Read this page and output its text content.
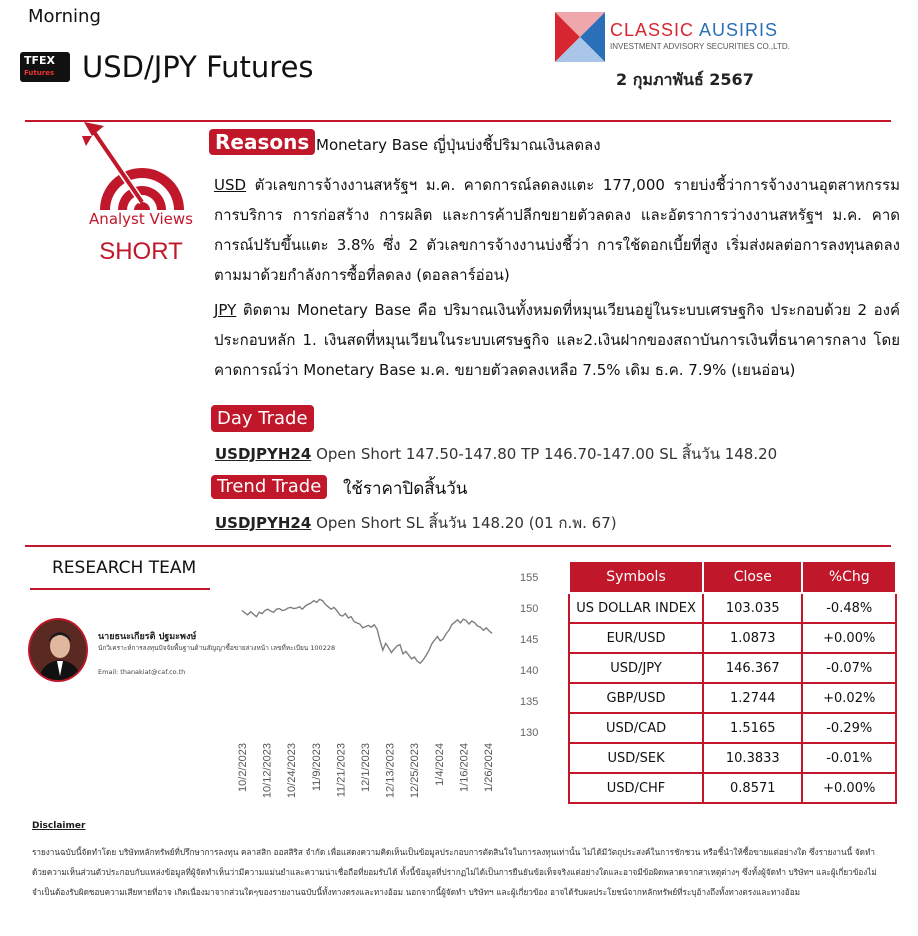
Morning
TFEX
Futures USD/JPY Futures
CLASSIC AUSIRIS
INVESTMENT ADVISORY SECURITIES CO.,LTD.
2 กุมภาพันธ์ 2567
Analyst Views
SHORT
Reasons Monetary Base ญี่ปุ่นบ่งชี้ปริมาณเงินลดลง
USD ตัวเลขการจ้างงานสหรัฐฯ ม.ค. คาดการณ์ลดลงแตะ 177,000 รายบ่งชี้ว่าการจ้างงานอุตสาหกรรมการบริการ การก่อสร้าง การผลิต และการค้าปลีกขยายตัวลดลง และอัตราการว่างงานสหรัฐฯ ม.ค. คาดการณ์ปรับขึ้นแตะ 3.8% ซึ่ง 2 ตัวเลขการจ้างงานบ่งชี้ว่า การใช้ดอกเบี้ยที่สูง เริ่มส่งผลต่อการลงทุนลดลง ตามมาด้วยกำลังการซื้อที่ลดลง (ดอลลาร์อ่อน)
JPY ติดตาม Monetary Base คือ ปริมาณเงินทั้งหมดที่หมุนเวียนอยู่ในระบบเศรษฐกิจ ประกอบด้วย 2 องค์ประกอบหลัก 1. เงินสดที่หมุนเวียนในระบบเศรษฐกิจ และ2.เงินฝากของสถาบันการเงินที่ธนาคารกลาง โดยคาดการณ์ว่า Monetary Base ม.ค. ขยายตัวลดลงเหลือ 7.5% เดิม ธ.ค. 7.9% (เยนอ่อน)
Day Trade
USDJPYH24 Open Short 147.50-147.80 TP 146.70-147.00 SL สิ้นวัน 148.20
Trend Trade	ใช้ราคาปิดสิ้นวัน
USDJPYH24 Open Short SL สิ้นวัน 148.20 (01 ก.พ. 67)
RESEARCH TEAM
นายธนะเกียรติ ปฐมะพงษ์
นักวิเคราะห์การลงทุนปัจจัยพื้นฐานด้านสัญญาซื้อขายล่วงหน้า เลขที่ทะเบียน 100228
Email: thanakiat@caf.co.th
155
150
145
140
135
130
10/2/2023 10/12/2023 10/24/2023 11/9/2023 11/21/2023 12/1/2023 12/13/2023 12/25/2023 1/4/2024 1/16/2024 1/26/2024
Symbols	Close	%Chg
US DOLLAR INDEX	103.035	-0.48%
EUR/USD	1.0873	+0.00%
USD/JPY	146.367	-0.07%
GBP/USD	1.2744	+0.02%
USD/CAD	1.5165	-0.29%
USD/SEK	10.3833	-0.01%
USD/CHF	0.8571	+0.00%
Disclaimer
รายงานฉบับนี้จัดทำโดย บริษัทหลักทรัพย์ที่ปรึกษาการลงทุน คลาสสิก ออสสิริส จำกัด เพื่อแสดงความคิดเห็นเป็นข้อมูลประกอบการตัดสินใจในการลงทุนเท่านั้น ไม่ได้มีวัตถุประสงค์ในการชักชวน หรือชี้นำให้ซื้อขายแต่อย่างใด ซึ่งรายงานนี้ จัดทำด้วยความเห็นส่วนตัวประกอบกับแหล่งข้อมูลที่ผู้จัดทำเห็นว่ามีความแม่นยำและความน่าเชื่อถือที่ยอมรับได้ ทั้งนี้ข้อมูลที่ปรากฏไม่ได้เป็นการยืนยันข้อเท็จจริงแต่อย่างใดและอาจมีข้อผิดพลาดจากสาเหตุต่างๆ ซึ่งทั้งผู้จัดทำ บริษัทฯ และผู้เกี่ยวข้องไม่จำเป็นต้องรับผิดชอบความเสียหายที่อาจ เกิดเนื่องมาจากส่วนใดๆของรายงานฉบับนี้ทั้งทางตรงและทางอ้อม นอกจากนี้ผู้จัดทำ บริษัทฯ และผู้เกี่ยวข้อง อาจได้รับผลประโยชน์จากหลักทรัพย์ที่ระบุอ้างถึงทั้งทางตรงและทางอ้อม
